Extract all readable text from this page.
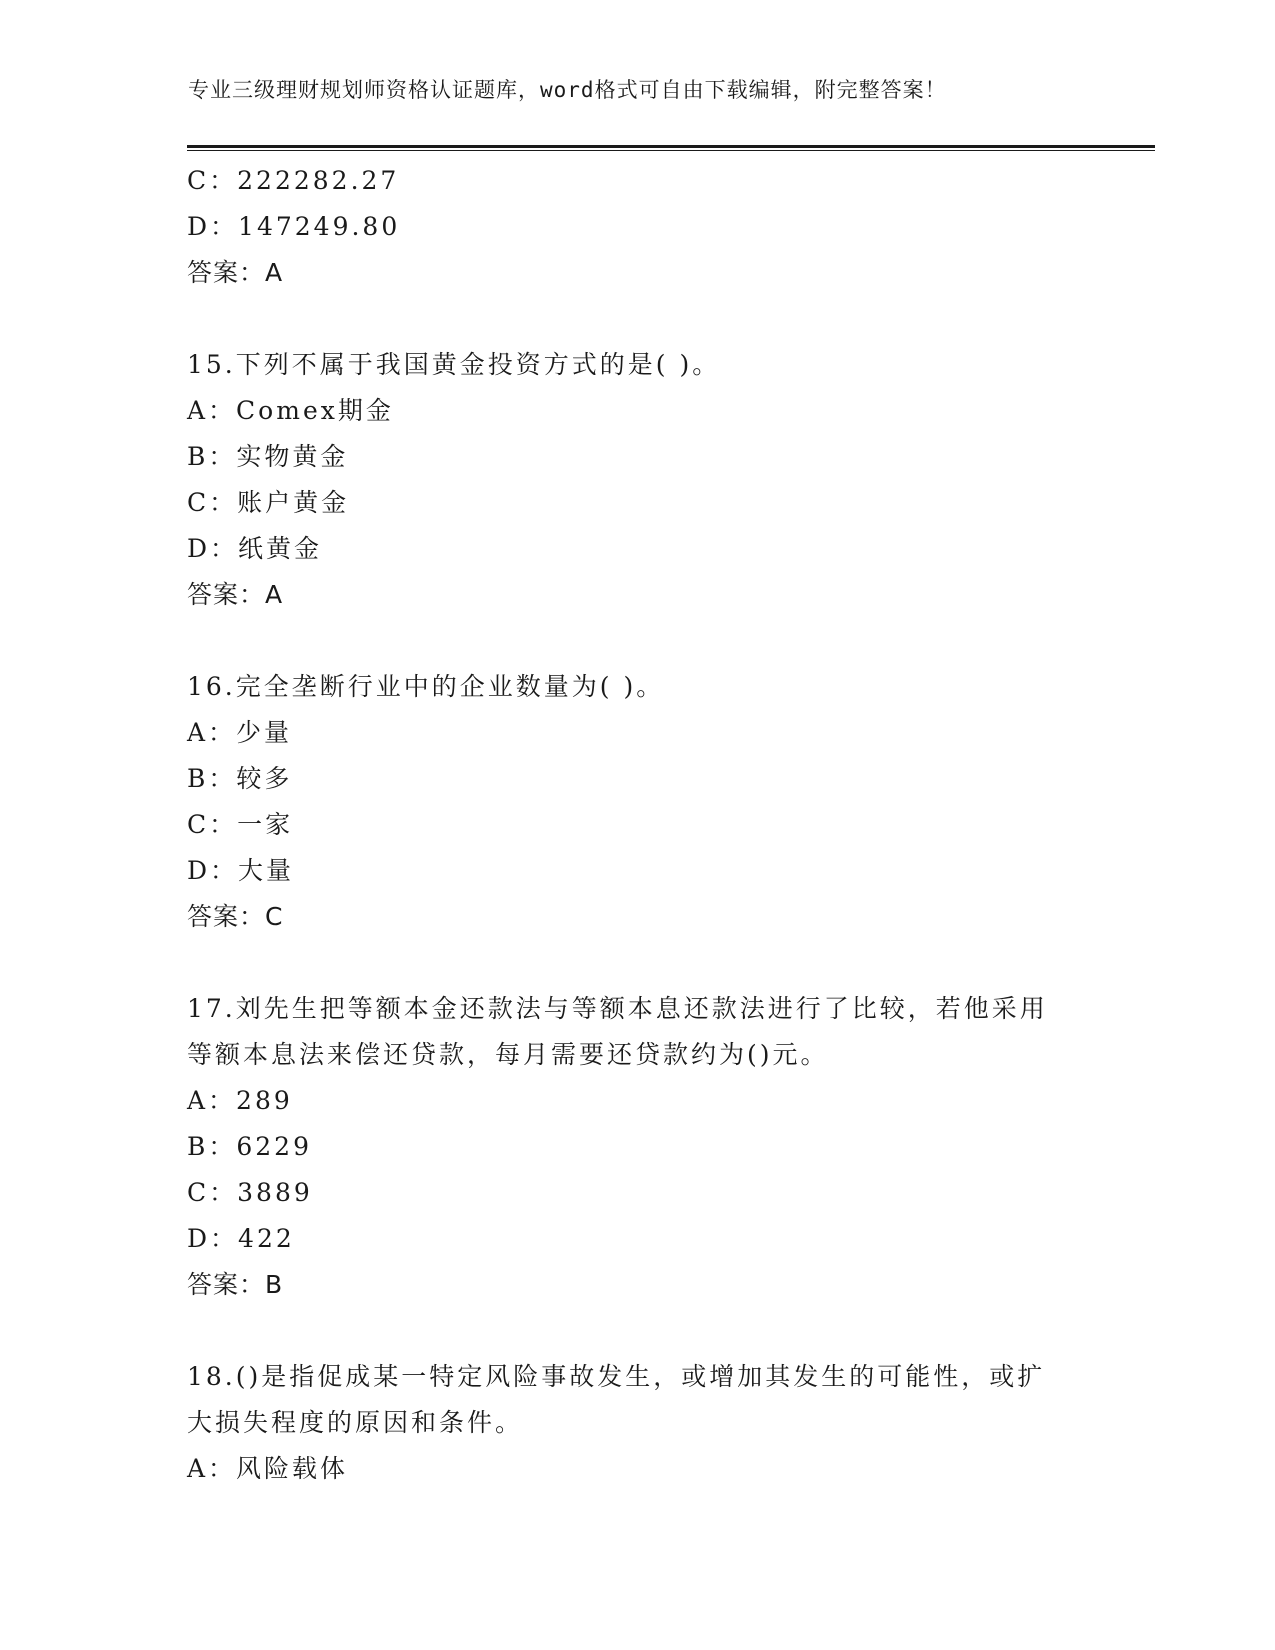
专业三级理财规划师资格认证题库，word格式可自由下载编辑，附完整答案！
C：222282.27
D：147249.80
答案：A
15.下列不属于我国黄金投资方式的是( )。
A：Comex期金
B：实物黄金
C：账户黄金
D：纸黄金
答案：A
16.完全垄断行业中的企业数量为( )。
A：少量
B：较多
C：一家
D：大量
答案：C
17.刘先生把等额本金还款法与等额本息还款法进行了比较，若他采用
等额本息法来偿还贷款，每月需要还贷款约为()元。
A：289
B：6229
C：3889
D：422
答案：B
18.()是指促成某一特定风险事故发生，或增加其发生的可能性，或扩
大损失程度的原因和条件。
A：风险载体
